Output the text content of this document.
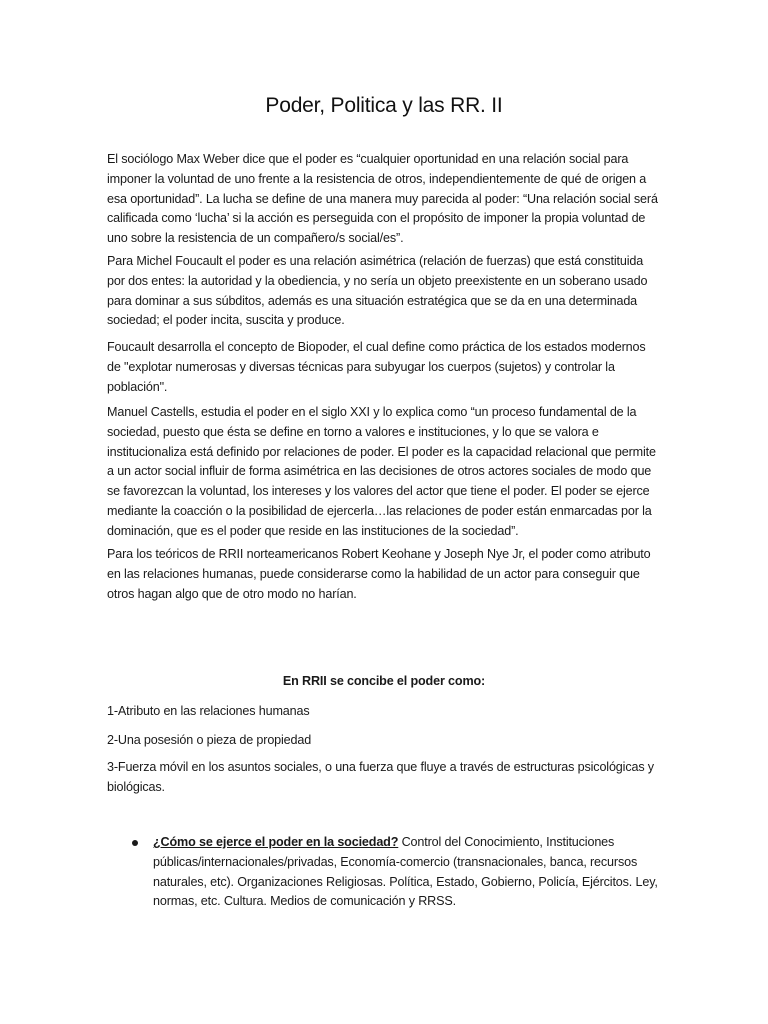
Poder, Politica y las RR. II
El sociólogo Max Weber dice que el poder es “cualquier oportunidad en una relación social para imponer la voluntad de uno frente a la resistencia de otros, independientemente de qué de origen a esa oportunidad”. La lucha se define de una manera muy parecida al poder: “Una relación social será calificada como ‘lucha’ si la acción es perseguida con el propósito de imponer la propia voluntad de uno sobre la resistencia de un compañero/s social/es”.
Para Michel Foucault el poder es una relación asimétrica (relación de fuerzas) que está constituida por dos entes: la autoridad y la obediencia, y no sería un objeto preexistente en un soberano usado para dominar a sus súbditos, además es una situación estratégica que se da en una determinada sociedad; el poder incita, suscita y produce.
Foucault desarrolla el concepto de Biopoder, el cual define como práctica de los estados modernos de "explotar numerosas y diversas técnicas para subyugar los cuerpos (sujetos) y controlar la población".
Manuel Castells, estudia el poder en el siglo XXI y lo explica como “un proceso fundamental de la sociedad, puesto que ésta se define en torno a valores e instituciones, y lo que se valora e institucionaliza está definido por relaciones de poder. El poder es la capacidad relacional que permite a un actor social influir de forma asimétrica en las decisiones de otros actores sociales de modo que se favorezcan la voluntad, los intereses y los valores del actor que tiene el poder. El poder se ejerce mediante la coacción o la posibilidad de ejercerla…las relaciones de poder están enmarcadas por la dominación, que es el poder que reside en las instituciones de la sociedad”.
Para los teóricos de RRII norteamericanos Robert Keohane y Joseph Nye Jr, el poder como atributo en las relaciones humanas, puede considerarse como la habilidad de un actor para conseguir que otros hagan algo que de otro modo no harían.
En RRII se concibe el poder como:
1-Atributo en las relaciones humanas
2-Una posesión o pieza de propiedad
3-Fuerza móvil en los asuntos sociales, o una fuerza que fluye a través de estructuras psicológicas y biológicas.
¿Cómo se ejerce el poder en la sociedad? Control del Conocimiento, Instituciones públicas/internacionales/privadas, Economía-comercio (transnacionales, banca, recursos naturales, etc). Organizaciones Religiosas. Política, Estado, Gobierno, Policía, Ejércitos. Ley, normas, etc. Cultura. Medios de comunicación y RRSS.
